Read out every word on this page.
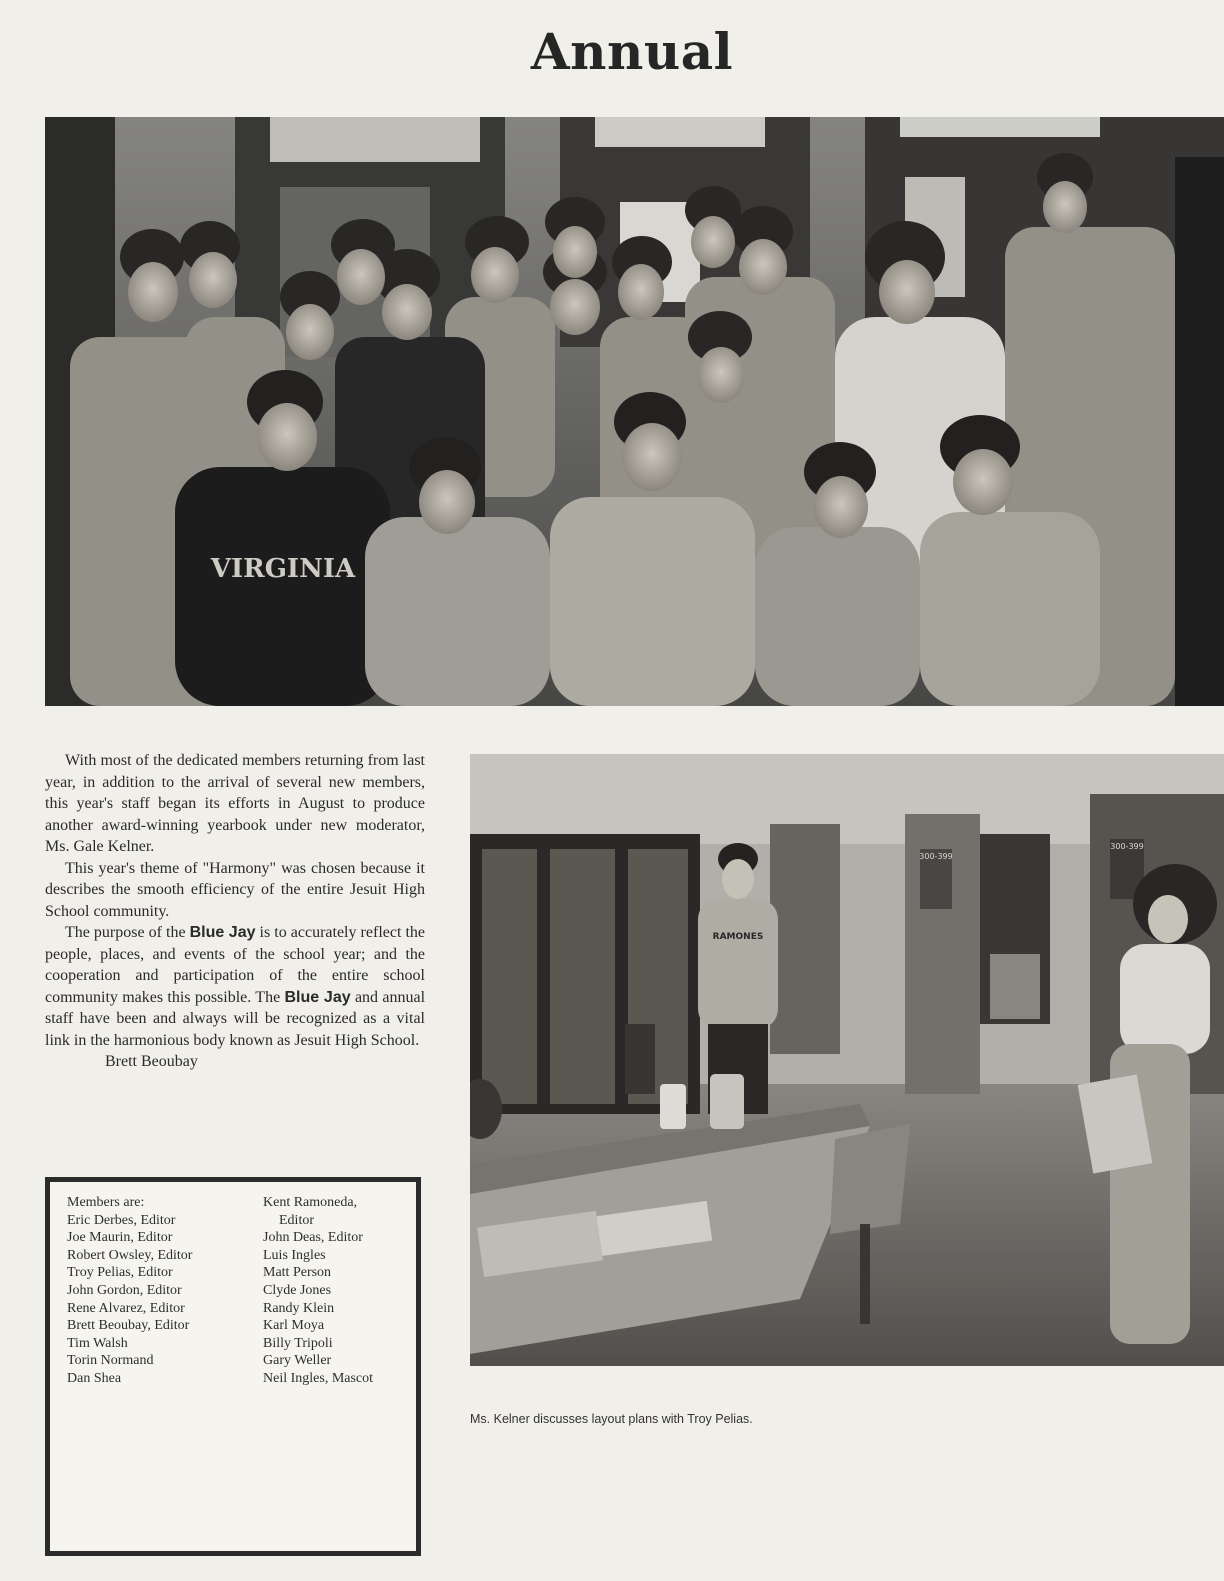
Annual
VIRGINIA

With most of the dedicated members returning from last year, in addition to the arrival of several new members, this year's staff began its efforts in August to produce another award-winning yearbook under new moderator, Ms. Gale Kelner.

This year's theme of "Harmony" was chosen because it describes the smooth efficiency of the entire Jesuit High School community.

The purpose of the Blue Jay is to accurately reflect the people, places, and events of the school year; and the cooperation and participation of the entire school community makes this possible. The Blue Jay and annual staff have been and always will be recognized as a vital link in the harmonious body known as Jesuit High School.

Brett Beoubay

Members are:
Eric Derbes, Editor
Joe Maurin, Editor
Robert Owsley, Editor
Troy Pelias, Editor
John Gordon, Editor
Rene Alvarez, Editor
Brett Beoubay, Editor
Tim Walsh
Torin Normand
Dan Shea
Kent Ramoneda,
Editor
John Deas, Editor
Luis Ingles
Matt Person
Clyde Jones
Randy Klein
Karl Moya
Billy Tripoli
Gary Weller
Neil Ingles, Mascot
300-399
300-399
RAMONES
Ms. Kelner discusses layout plans with Troy Pelias.
